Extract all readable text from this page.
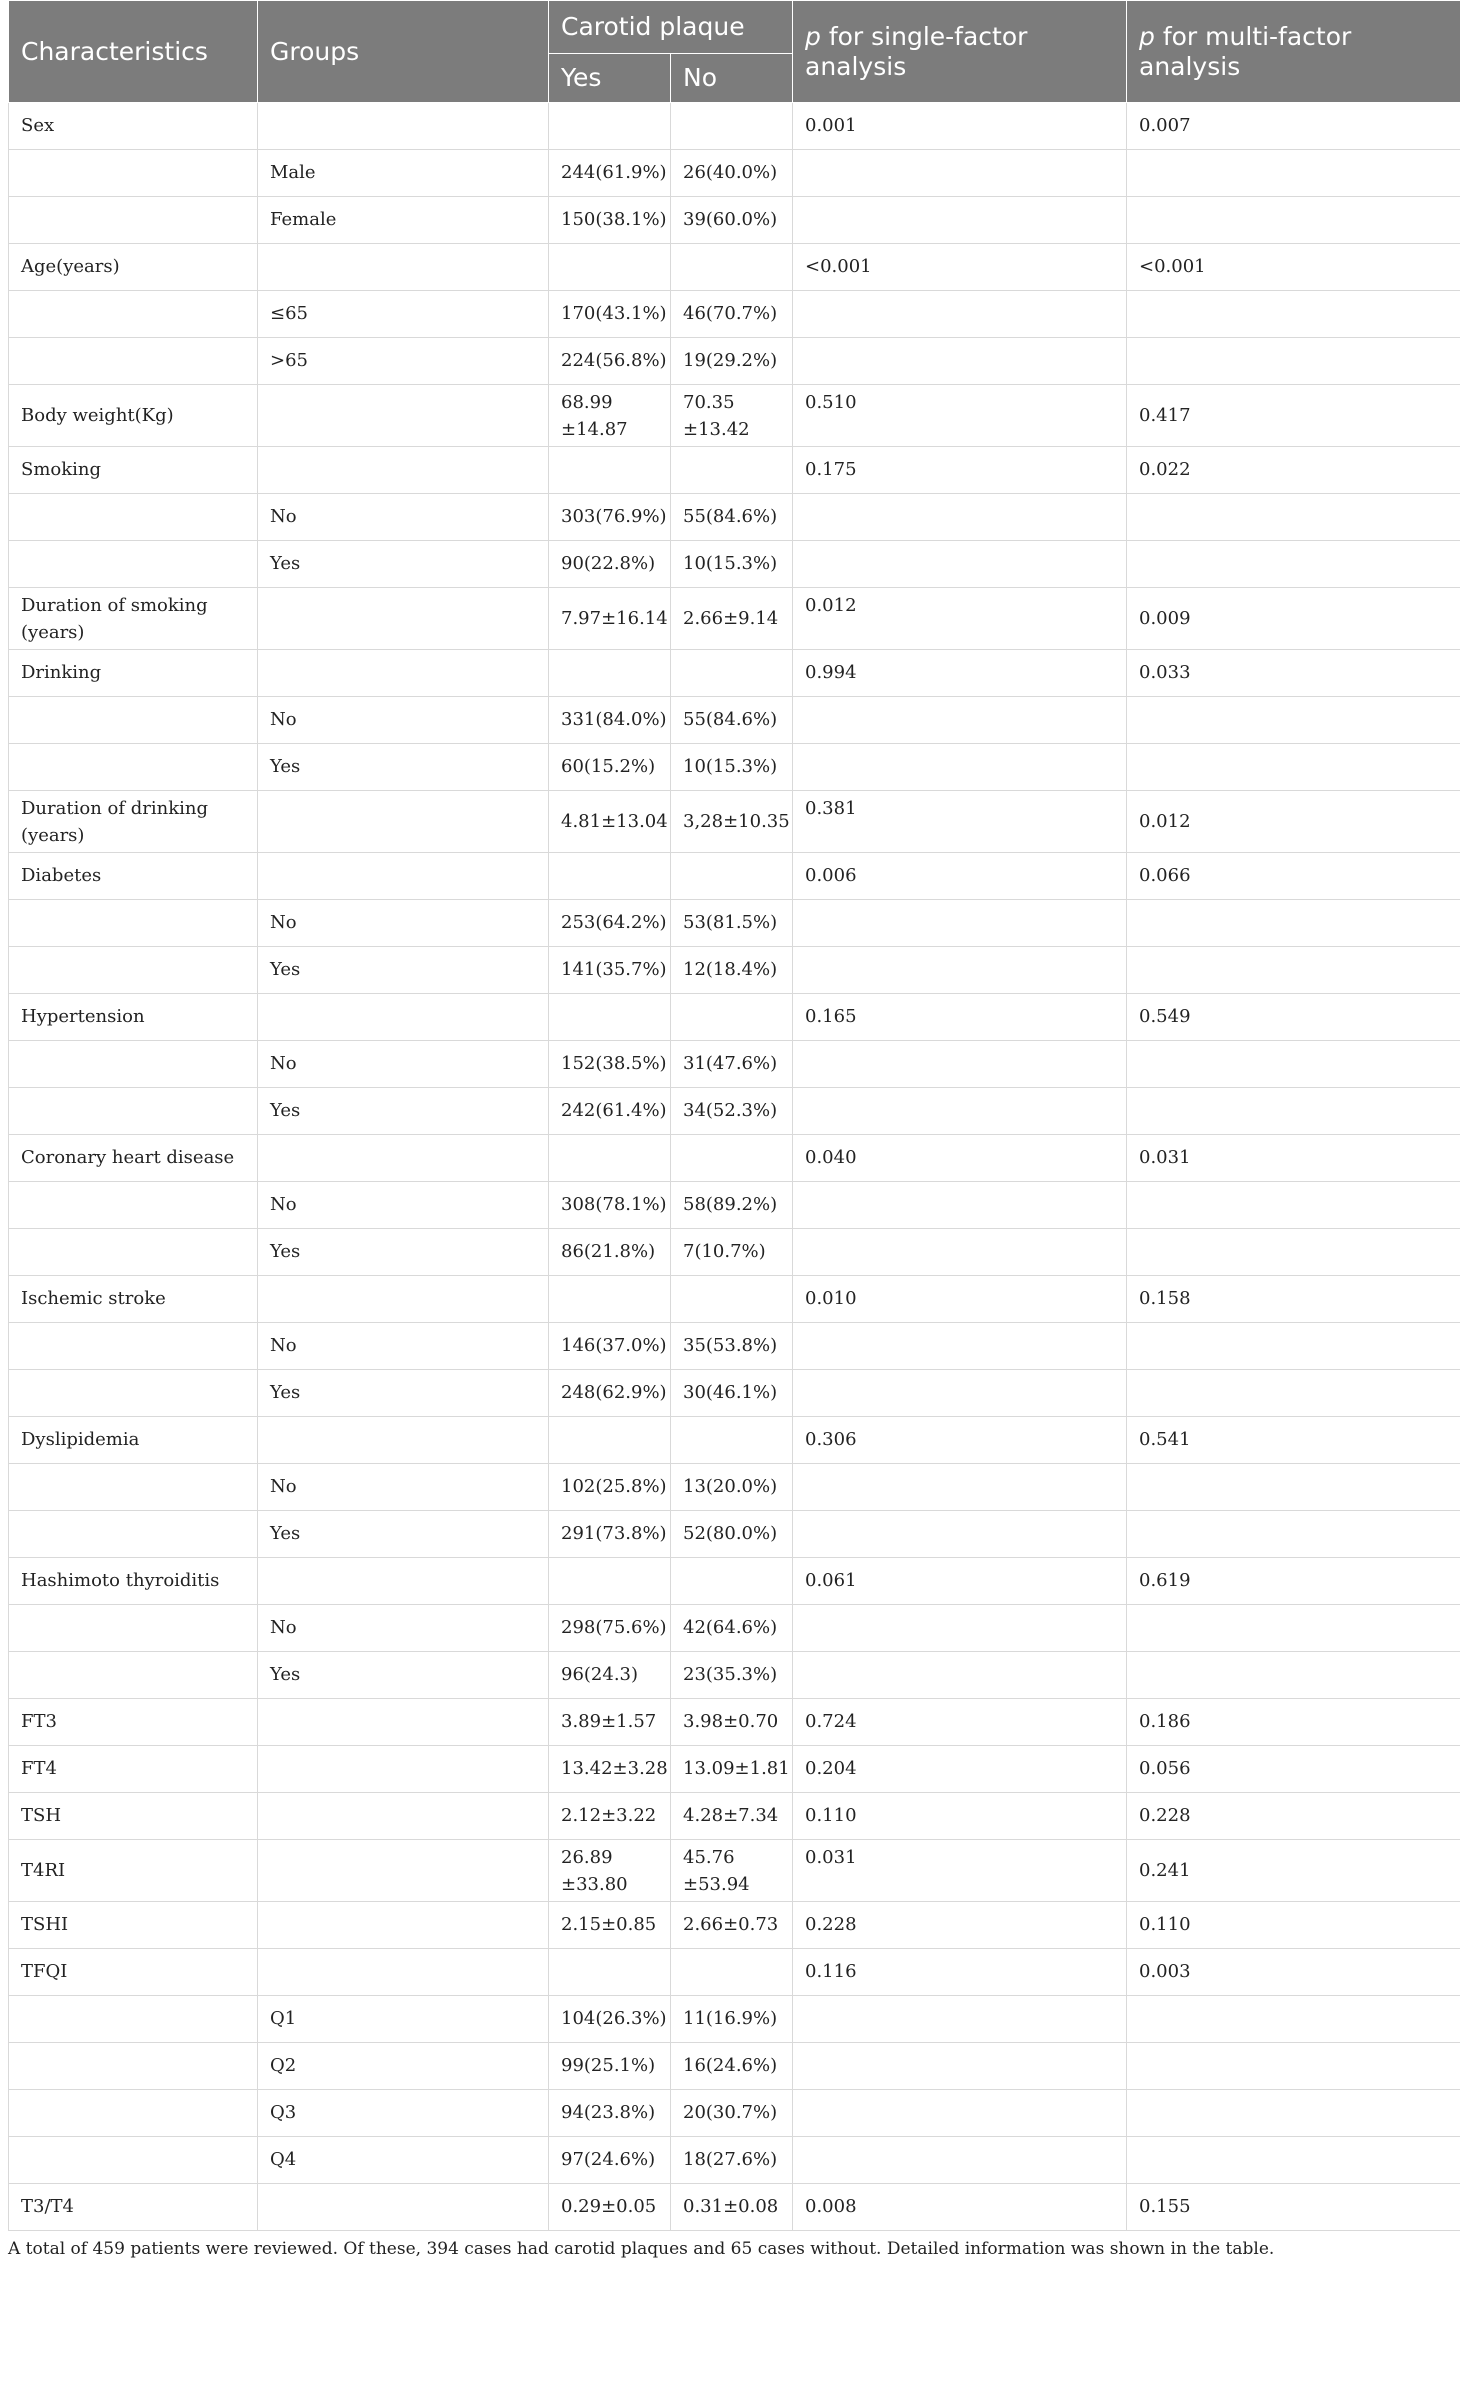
Characteristics	Groups	Carotid plaque		p for single-factor analysis	p for multi-factor analysis
		Yes	No		
Sex				0.001	0.007
	Male	244(61.9%)	26(40.0%)		
	Female	150(38.1%)	39(60.0%)		
Age(years)				<0.001	<0.001
	≤65	170(43.1%)	46(70.7%)		
	>65	224(56.8%)	19(29.2%)		
Body weight(Kg)		68.99 ±14.87	70.35 ±13.42	0.510	0.417
Smoking				0.175	0.022
	No	303(76.9%)	55(84.6%)		
	Yes	90(22.8%)	10(15.3%)		
Duration of smoking (years)		7.97±16.14	2.66±9.14	0.012	0.009
Drinking				0.994	0.033
	No	331(84.0%)	55(84.6%)		
	Yes	60(15.2%)	10(15.3%)		
Duration of drinking (years)		4.81±13.04	3,28±10.35	0.381	0.012
Diabetes				0.006	0.066
	No	253(64.2%)	53(81.5%)		
	Yes	141(35.7%)	12(18.4%)		
Hypertension				0.165	0.549
	No	152(38.5%)	31(47.6%)		
	Yes	242(61.4%)	34(52.3%)		
Coronary heart disease				0.040	0.031
	No	308(78.1%)	58(89.2%)		
	Yes	86(21.8%)	7(10.7%)		
Ischemic stroke				0.010	0.158
	No	146(37.0%)	35(53.8%)		
	Yes	248(62.9%)	30(46.1%)		
Dyslipidemia				0.306	0.541
	No	102(25.8%)	13(20.0%)		
	Yes	291(73.8%)	52(80.0%)		
Hashimoto thyroiditis				0.061	0.619
	No	298(75.6%)	42(64.6%)		
	Yes	96(24.3)	23(35.3%)		
FT3		3.89±1.57	3.98±0.70	0.724	0.186
FT4		13.42±3.28	13.09±1.81	0.204	0.056
TSH		2.12±3.22	4.28±7.34	0.110	0.228
T4RI		26.89 ±33.80	45.76 ±53.94	0.031	0.241
TSHI		2.15±0.85	2.66±0.73	0.228	0.110
TFQI				0.116	0.003
	Q1	104(26.3%)	11(16.9%)		
	Q2	99(25.1%)	16(24.6%)		
	Q3	94(23.8%)	20(30.7%)		
	Q4	97(24.6%)	18(27.6%)		
T3/T4		0.29±0.05	0.31±0.08	0.008	0.155

A total of 459 patients were reviewed. Of these, 394 cases had carotid plaques and 65 cases without. Detailed information was shown in the table.
